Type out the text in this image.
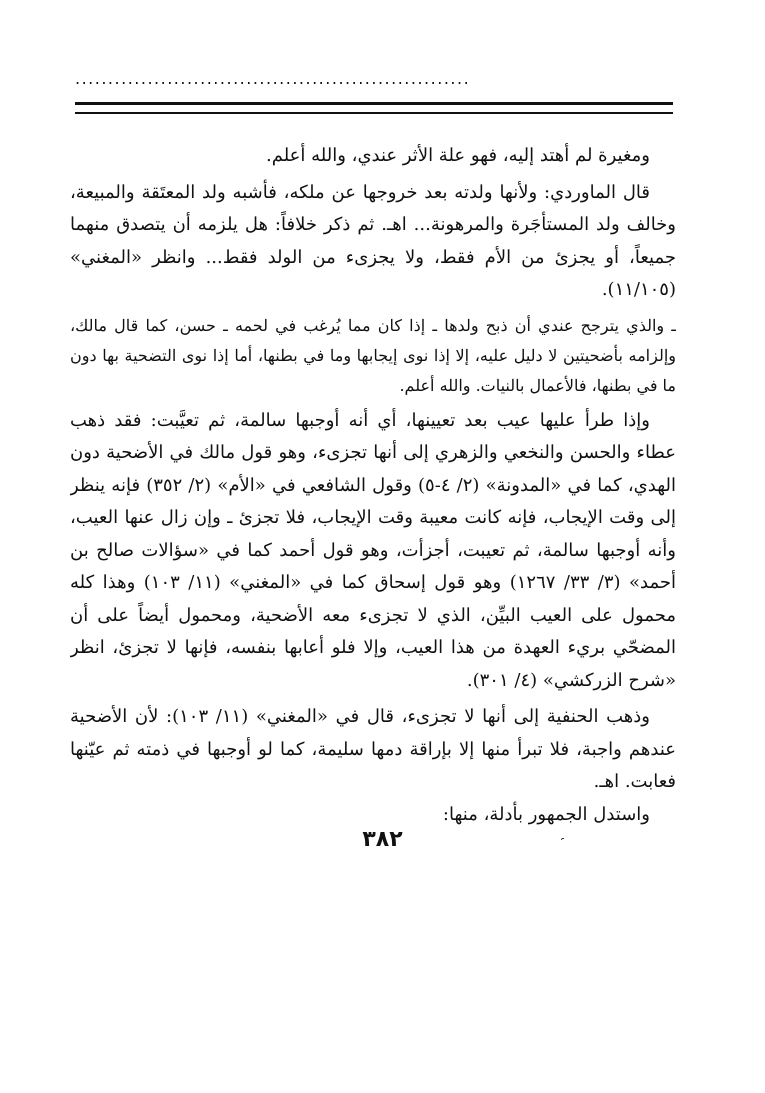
............................................................

ومغيرة لم أهتد إليه، فهو علة الأثر عندي، والله أعلم.

قال الماوردي: ولأنها ولدته بعد خروجها عن ملكه، فأشبه ولد المعتَقة والمبيعة، وخالف ولد المستأجَرة والمرهونة... اهـ. ثم ذكر خلافاً: هل يلزمه أن يتصدق منهما جميعاً، أو يجزئ من الأم فقط، ولا يجزىء من الولد فقط... وانظر «المغني» (١١/١٠٥).

ـ والذي يترجح عندي أن ذبح ولدها ـ إذا كان مما يُرغب في لحمه ـ حسن، كما قال مالك، وإلزامه بأضحيتين لا دليل عليه، إلا إذا نوى إيجابها وما في بطنها، أما إذا نوى التضحية بها دون ما في بطنها، فالأعمال بالنيات. والله أعلم.

وإذا طرأ عليها عيب بعد تعيينها، أي أنه أوجبها سالمة، ثم تعيَّبت: فقد ذهب عطاء والحسن والنخعي والزهري إلى أنها تجزىء، وهو قول مالك في الأضحية دون الهدي، كما في «المدونة» (٢/ ٤-٥) وقول الشافعي في «الأم» (٢/ ٣٥٢) فإنه ينظر إلى وقت الإيجاب، فإنه كانت معيبة وقت الإيجاب، فلا تجزئ ـ وإن زال عنها العيب، وأنه أوجبها سالمة، ثم تعيبت، أجزأت، وهو قول أحمد كما في «سؤالات صالح بن أحمد» (٣/ ٣٣/ ١٢٦٧) وهو قول إسحاق كما في «المغني» (١١/ ١٠٣) وهذا كله محمول على العيب البيِّن، الذي لا تجزىء معه الأضحية، ومحمول أيضاً على أن المضحّي بريء العهدة من هذا العيب، وإلا فلو أعابها بنفسه، فإنها لا تجزئ، انظر «شرح الزركشي» (٤/ ٣٠١).

وذهب الحنفية إلى أنها لا تجزىء، قال في «المغني» (١١/ ١٠٣): لأن الأضحية عندهم واجبة، فلا تبرأ منها إلا بإراقة دمها سليمة، كما لو أوجبها في ذمته ثم عيّنها فعابت. اهـ.

واستدل الجمهور بأدلة، منها:

٣٨٢
